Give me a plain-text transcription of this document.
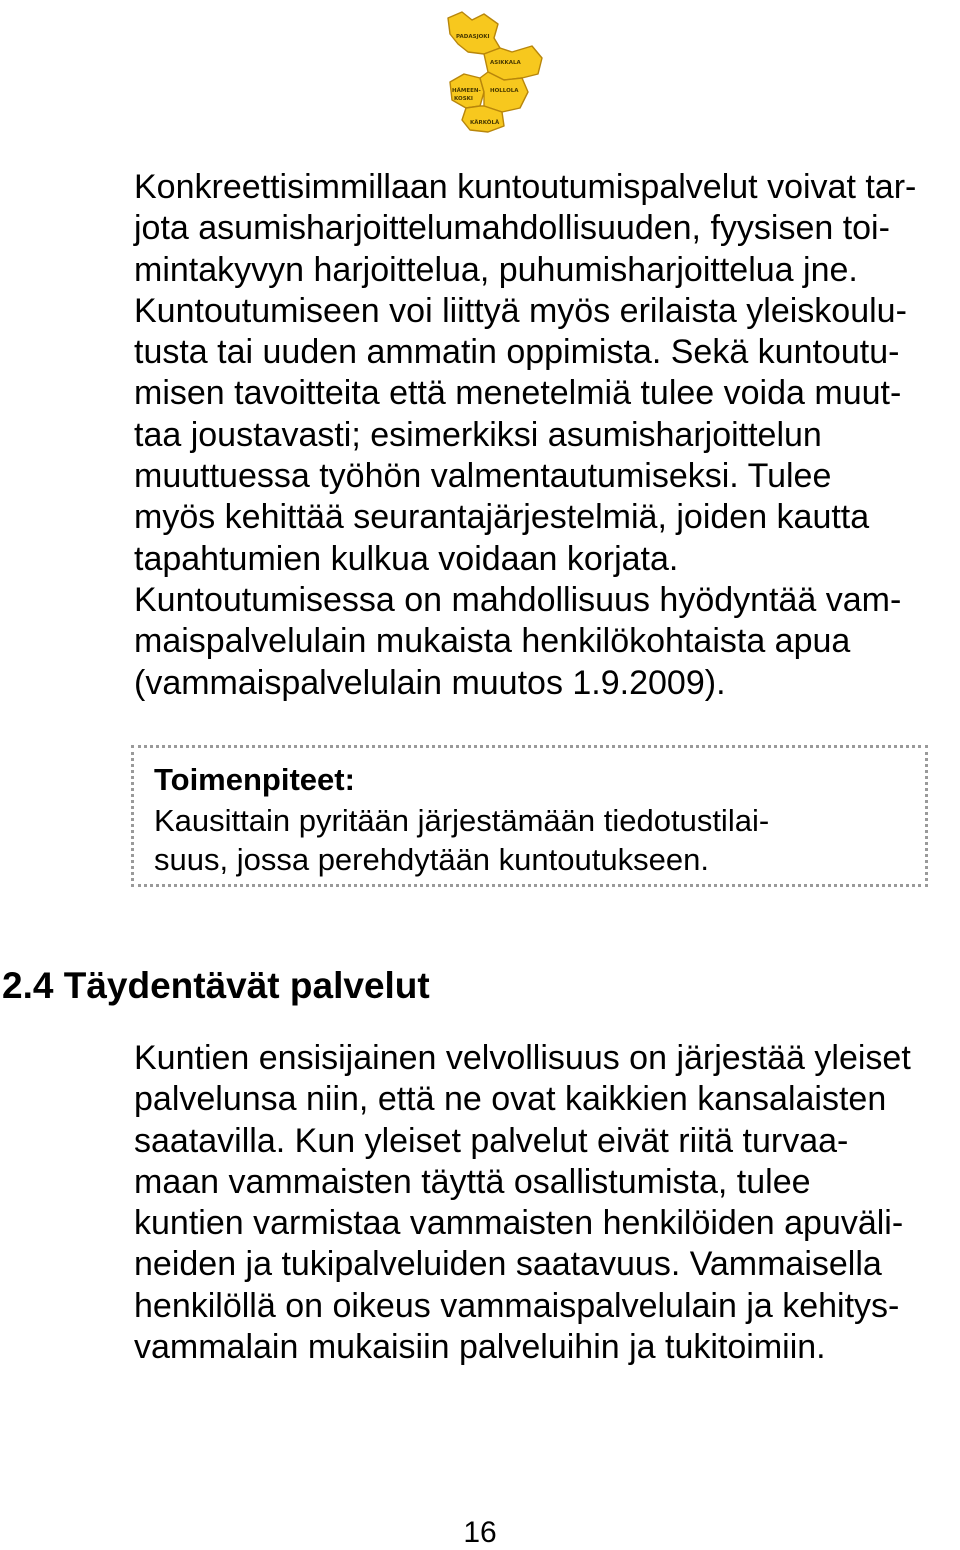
PADASJOKI
ASIKKALA
HOLLOLA
HÄMEEN-
KOSKI
KÄRKÖLÄ

Konkreettisimmillaan kuntoutumispalvelut voivat tar-
jota asumisharjoittelumahdollisuuden, fyysisen toi-
mintakyvyn harjoittelua, puhumisharjoittelua jne.
Kuntoutumiseen voi liittyä myös erilaista yleiskoulu-
tusta tai uuden ammatin oppimista. Sekä kuntoutu-
misen tavoitteita että menetelmiä tulee voida muut-
taa joustavasti; esimerkiksi asumisharjoittelun
muuttuessa työhön valmentautumiseksi. Tulee
myös kehittää seurantajärjestelmiä, joiden kautta
tapahtumien kulkua voidaan korjata.
Kuntoutumisessa on mahdollisuus hyödyntää vam-
maispalvelulain mukaista henkilökohtaista apua
(vammaispalvelulain muutos 1.9.2009).

Toimenpiteet:

Kausittain pyritään järjestämään tiedotustilai-
suus, jossa perehdytään kuntoutukseen.

2.4 Täydentävät palvelut

Kuntien ensisijainen velvollisuus on järjestää yleiset
palvelunsa niin, että ne ovat kaikkien kansalaisten
saatavilla. Kun yleiset palvelut eivät riitä turvaa-
maan vammaisten täyttä osallistumista, tulee
kuntien varmistaa vammaisten henkilöiden apuväli-
neiden ja tukipalveluiden saatavuus. Vammaisella
henkilöllä on oikeus vammaispalvelulain ja kehitys-
vammalain mukaisiin palveluihin ja tukitoimiin.

16
